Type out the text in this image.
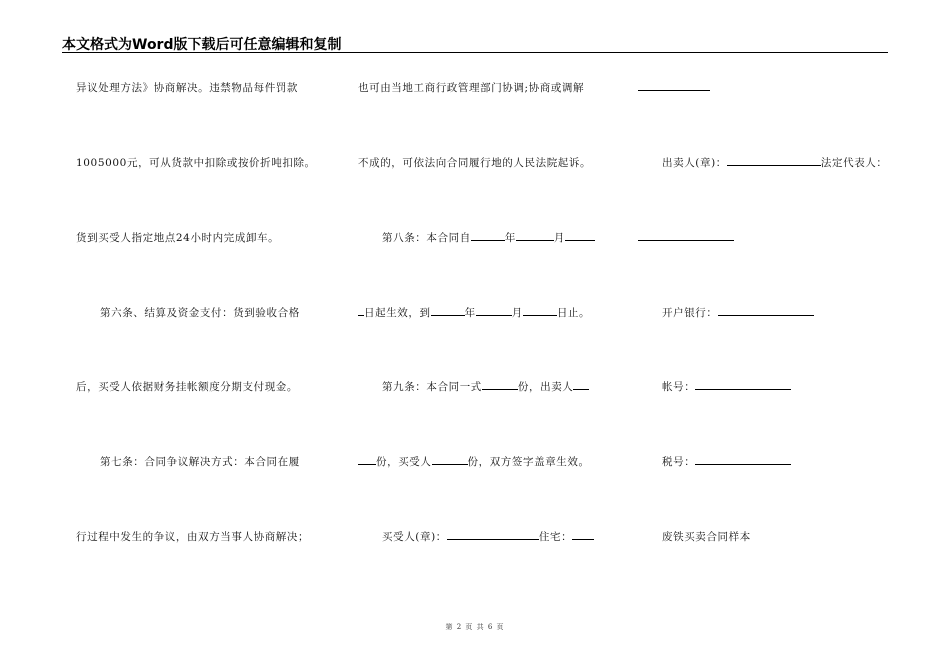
本文格式为Word版下载后可任意编辑和复制
异议处理方法》协商解决。违禁物品每件罚款
1005000元，可从货款中扣除或按价折吨扣除。
货到买受人指定地点24小时内完成卸车。
第六条、结算及资金支付：货到验收合格
后，买受人依据财务挂帐额度分期支付现金。
第七条：合同争议解决方式：本合同在履
行过程中发生的争议，由双方当事人协商解决；
也可由当地工商行政管理部门协调;协商或调解
不成的，可依法向合同履行地的人民法院起诉。
第八条：本合同自	年	月
日起生效，到	年	月	日止。
第九条：本合同一式	份，出卖人
份，买受人	份，双方签字盖章生效。
买受人(章)：	住宅：
出卖人(章)：	法定代表人：
开户银行：
帐号：
税号：
废铁买卖合同样本
第 2 页 共 6 页
